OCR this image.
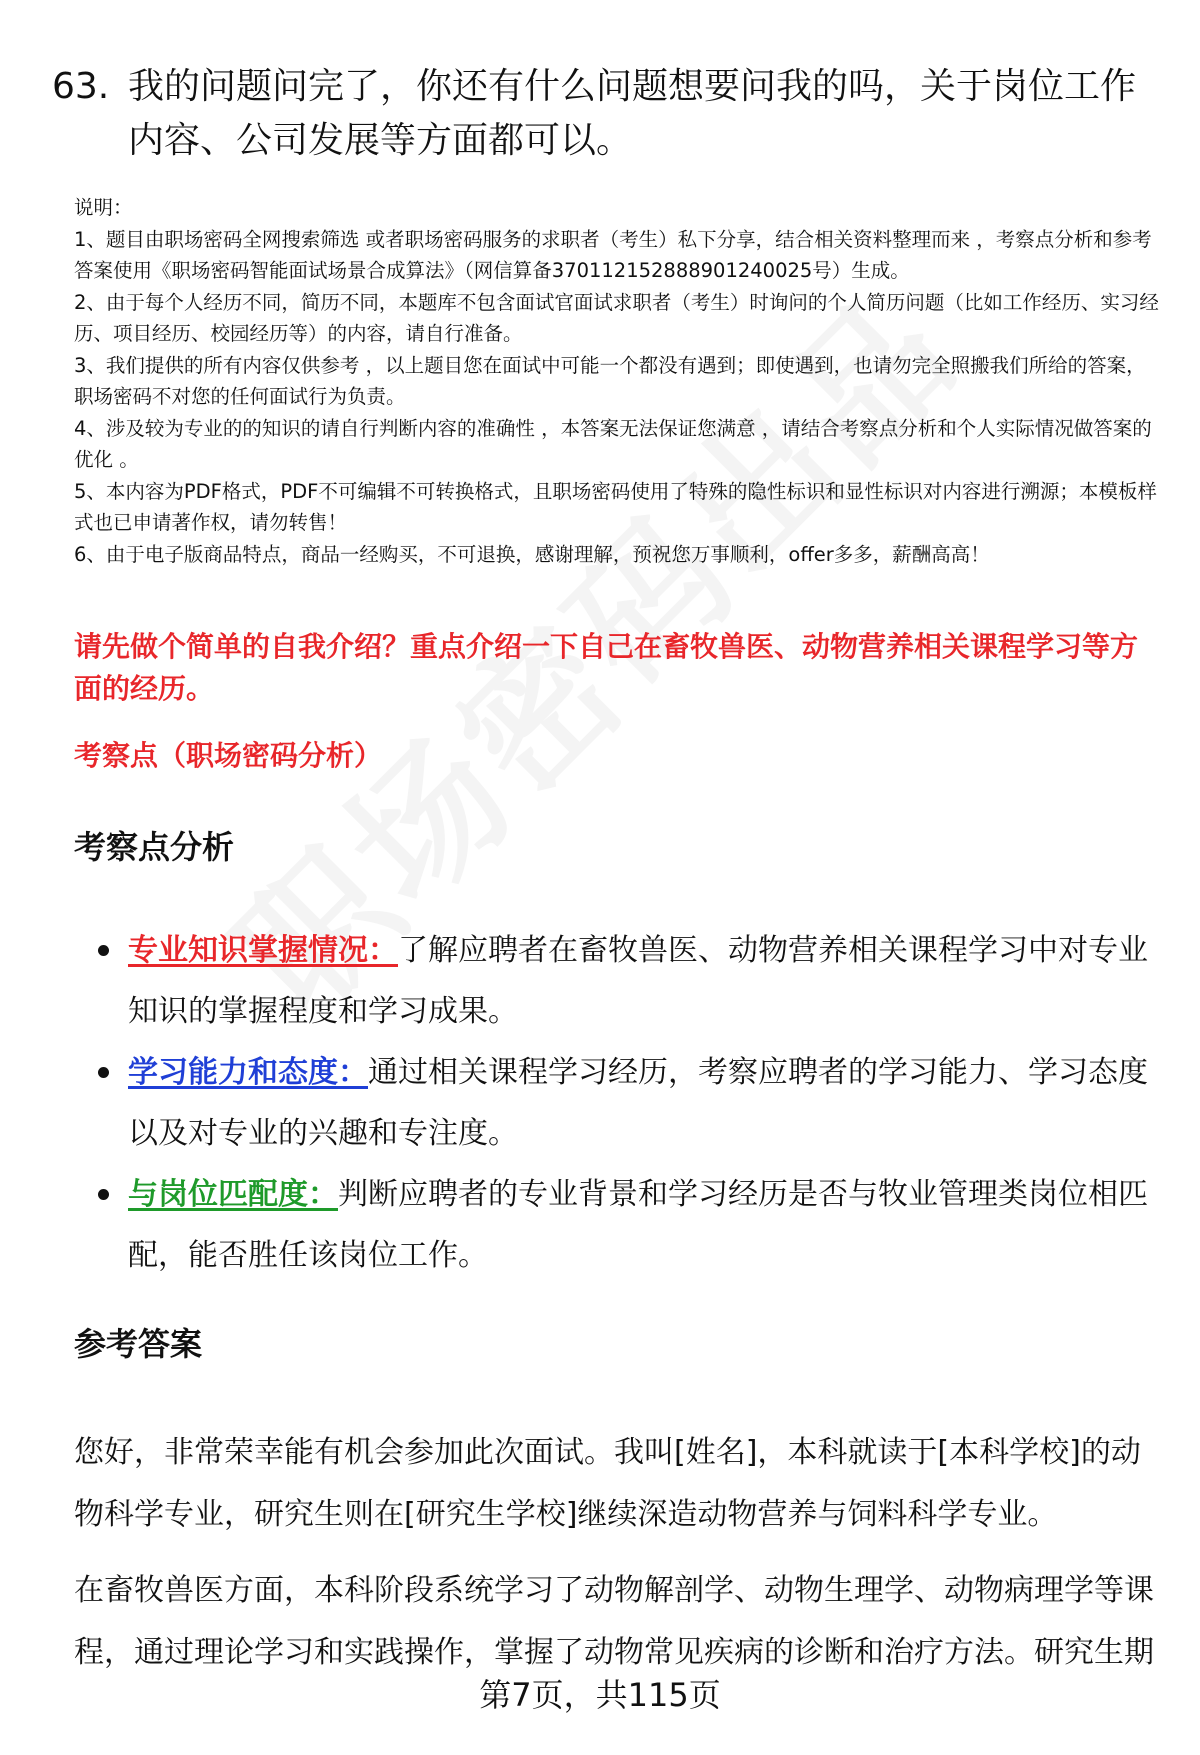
63. 我的问题问完了，你还有什么问题想要问我的吗，关于岗位工作内容、公司发展等方面都可以。
说明：
1、题目由职场密码全网搜索筛选 或者职场密码服务的求职者（考生）私下分享，结合相关资料整理而来 ，考察点分析和参考答案使用《职场密码智能面试场景合成算法》（网信算备370112152888901240025号）生成。
2、由于每个人经历不同，简历不同，本题库不包含面试官面试求职者（考生）时询问的个人简历问题（比如工作经历、实习经历、项目经历、校园经历等）的内容，请自行准备。
3、我们提供的所有内容仅供参考 ，以上题目您在面试中可能一个都没有遇到；即使遇到，也请勿完全照搬我们所给的答案，职场密码不对您的任何面试行为负责。
4、涉及较为专业的的知识的请自行判断内容的准确性 ，本答案无法保证您满意 ，请结合考察点分析和个人实际情况做答案的优化 。
5、本内容为PDF格式，PDF不可编辑不可转换格式，且职场密码使用了特殊的隐性标识和显性标识对内容进行溯源；本模板样式也已申请著作权，请勿转售！
6、由于电子版商品特点，商品一经购买，不可退换，感谢理解，预祝您万事顺利，offer多多，薪酬高高！
请先做个简单的自我介绍？重点介绍一下自己在畜牧兽医、动物营养相关课程学习等方面的经历。
考察点（职场密码分析）
考察点分析
专业知识掌握情况：了解应聘者在畜牧兽医、动物营养相关课程学习中对专业知识的掌握程度和学习成果。
学习能力和态度：通过相关课程学习经历，考察应聘者的学习能力、学习态度以及对专业的兴趣和专注度。
与岗位匹配度：判断应聘者的专业背景和学习经历是否与牧业管理类岗位相匹配，能否胜任该岗位工作。
参考答案

您好，非常荣幸能有机会参加此次面试。我叫[姓名]，本科就读于[本科学校]的动物科学专业，研究生则在[研究生学校]继续深造动物营养与饲料科学专业。

在畜牧兽医方面，本科阶段系统学习了动物解剖学、动物生理学、动物病理学等课程，通过理论学习和实践操作，掌握了动物常见疾病的诊断和治疗方法。研究生期

第7页，共115页
